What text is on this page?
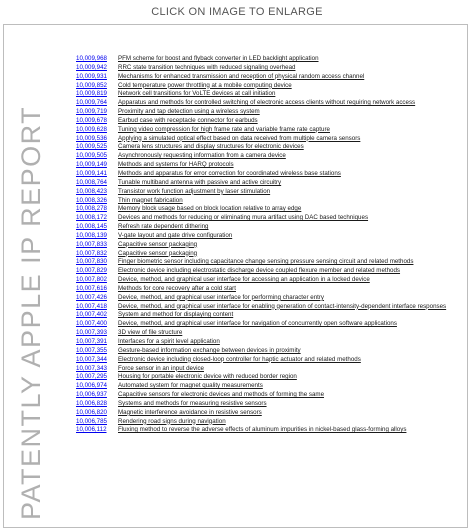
CLICK ON IMAGE TO ENLARGE
PATENTLY APPLE IP REPORT
10,009,968 PFM scheme for boost and flyback converter in LED backlight application
10,009,942 RRC state transition techniques with reduced signaling overhead
10,009,931 Mechanisms for enhanced transmission and reception of physical random access channel
10,009,852 Cold temperature power throttling at a mobile computing device
10,009,819 Network cell transitions for VoLTE devices at call initiation
10,009,764 Apparatus and methods for controlled switching of electronic access clients without requiring network access
10,009,719 Proximity and tap detection using a wireless system
10,009,678 Earbud case with receptacle connector for earbuds
10,009,628 Tuning video compression for high frame rate and variable frame rate capture
10,009,536 Applying a simulated optical effect based on data received from multiple camera sensors
10,009,525 Camera lens structures and display structures for electronic devices
10,009,505 Asynchronously requesting information from a camera device
10,009,149 Methods and systems for HARQ protocols
10,009,141 Methods and apparatus for error correction for coordinated wireless base stations
10,008,764 Tunable multiband antenna with passive and active circuitry
10,008,423 Transistor work function adjustment by laser stimulation
10,008,326 Thin magnet fabrication
10,008,278 Memory block usage based on block location relative to array edge
10,008,172 Devices and methods for reducing or eliminating mura artifact using DAC based techniques
10,008,145 Refresh rate dependent dithering
10,008,139 V-gate layout and gate drive configuration
10,007,833 Capacitive sensor packaging
10,007,832 Capacitive sensor packaging
10,007,830 Finger biometric sensor including capacitance change sensing pressure sensing circuit and related methods
10,007,829 Electronic device including electrostatic discharge device coupled flexure member and related methods
10,007,802 Device, method, and graphical user interface for accessing an application in a locked device
10,007,616 Methods for core recovery after a cold start
10,007,426 Device, method, and graphical user interface for performing character entry
10,007,418 Device, method, and graphical user interface for enabling generation of contact-intensity-dependent interface responses
10,007,402 System and method for displaying content
10,007,400 Device, method, and graphical user interface for navigation of concurrently open software applications
10,007,393 3D view of file structure
10,007,391 Interfaces for a spirit level application
10,007,355 Gesture-based information exchange between devices in proximity
10,007,344 Electronic device including closed-loop controller for haptic actuator and related methods
10,007,343 Force sensor in an input device
10,007,295 Housing for portable electronic device with reduced border region
10,006,974 Automated system for magnet quality measurements
10,006,937 Capacitive sensors for electronic devices and methods of forming the same
10,006,828 Systems and methods for measuring resistive sensors
10,006,820 Magnetic interference avoidance in resistive sensors
10,006,785 Rendering road signs during navigation
10,006,112 Fluxing method to reverse the adverse effects of aluminum impurities in nickel-based glass-forming alloys
